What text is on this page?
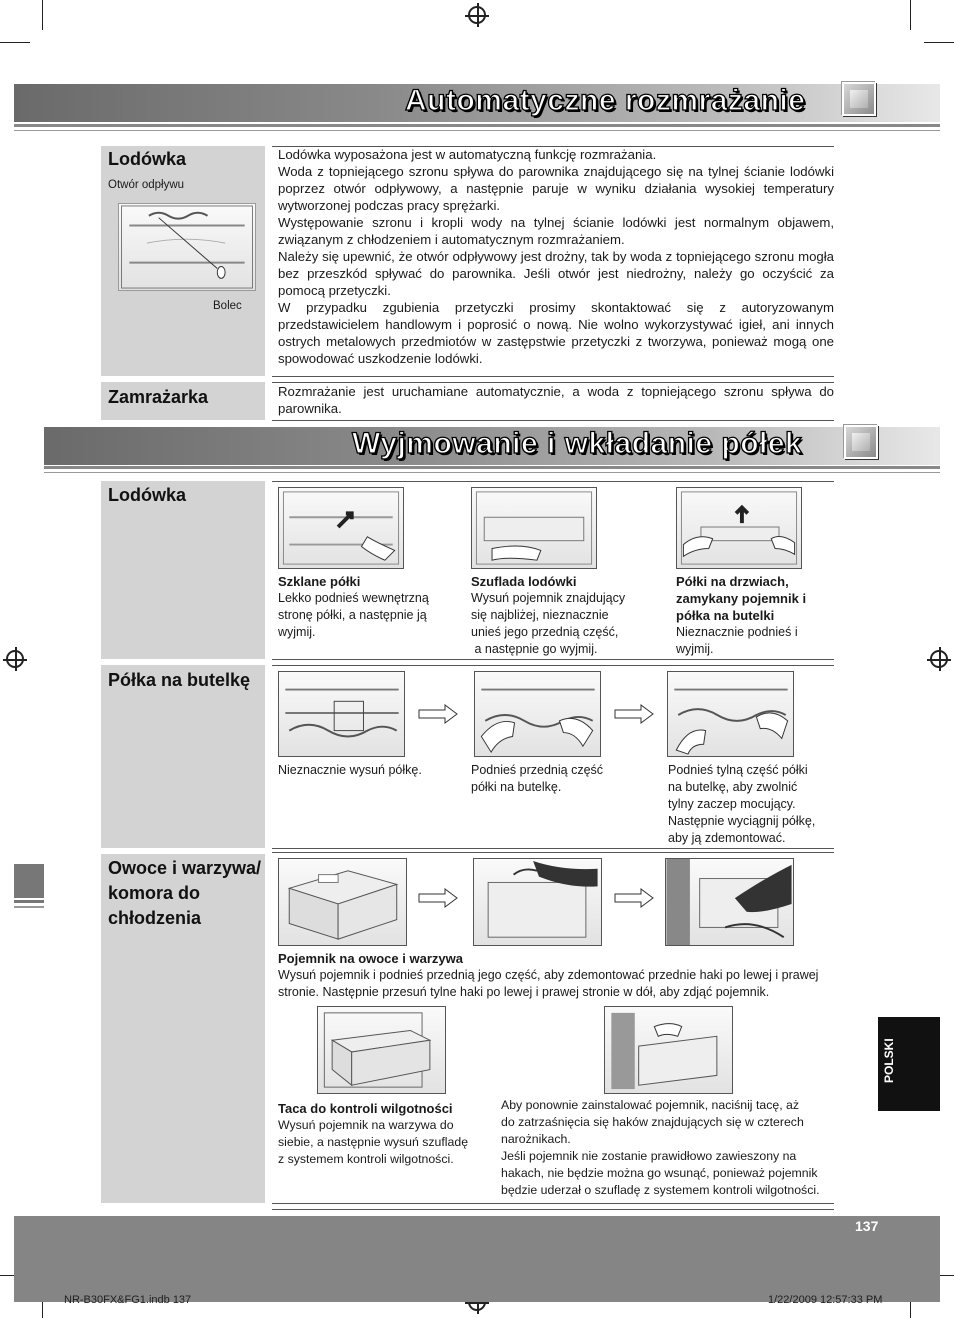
Automatyczne rozmrażanie
Lodówka
Otwór odpływu
Bolec

Lodówka wyposażona jest w automatyczną funkcję rozmrażania.

Woda z topniejącego szronu spływa do parownika znajdującego się na tylnej ścianie lodówki poprzez otwór odpływowy, a następnie paruje w wyniku działania wysokiej temperatury wytworzonej podczas pracy sprężarki.

Występowanie szronu i kropli wody na tylnej ścianie lodówki jest normalnym objawem, związanym z chłodzeniem i automatycznym rozmrażaniem.

Należy się upewnić, że otwór odpływowy jest drożny, tak by woda z topniejącego szronu mogła bez przeszkód spływać do parownika. Jeśli otwór jest niedrożny, należy go oczyścić za pomocą przetyczki.

W przypadku zgubienia przetyczki prosimy skontaktować się z autoryzowanym przedstawicielem handlowym i poprosić o nową. Nie wolno wykorzystywać igieł, ani innych ostrych metalowych przedmiotów w zastępstwie przetyczki z tworzywa, ponieważ mogą one spowodować uszkodzenie lodówki.

Zamrażarka	Rozmrażanie jest uruchamiane automatycznie, a woda z topniejącego szronu spływa do parownika.
Wyjmowanie i wkładanie półek
Lodówka
Szklane półki
Lekko podnieś wewnętrzną
stronę półki, a następnie ją
wyjmij.
Szuflada lodówki
Wysuń pojemnik znajdujący
się najbliżej, nieznacznie
unieś jego przednią część,
a następnie go wyjmij.
Półki na drzwiach,
zamykany pojemnik i
półka na butelki
Nieznacznie podnieś i
wyjmij.
Półka na butelkę
Nieznacznie wysuń półkę.	Podnieś przednią część
półki na butelkę.
Podnieś tylną część półki
na butelkę, aby zwolnić
tylny zaczep mocujący.
Następnie wyciągnij półkę,
aby ją zdemontować.
Owoce i warzywa/
komora do
chłodzenia
Pojemnik na owoce i warzywa
Wysuń pojemnik i podnieś przednią jego część, aby zdemontować przednie haki po lewej i prawej stronie. Następnie przesuń tylne haki po lewej i prawej stronie w dół, aby zdjąć pojemnik.
Taca do kontroli wilgotności
Wysuń pojemnik na warzywa do
siebie, a następnie wysuń szufladę
z systemem kontroli wilgotności.
Aby ponownie zainstalować pojemnik, naciśnij tacę, aż
do zatrzaśnięcia się haków znajdujących się w czterech
narożnikach.
Jeśli pojemnik nie zostanie prawidłowo zawieszony na
hakach, nie będzie można go wsunąć, ponieważ pojemnik
będzie uderzał o szufladę z systemem kontroli wilgotności.
POLSKI
137
NR-B30FX&FG1.indb 137	1/22/2009 12:57:33 PM
